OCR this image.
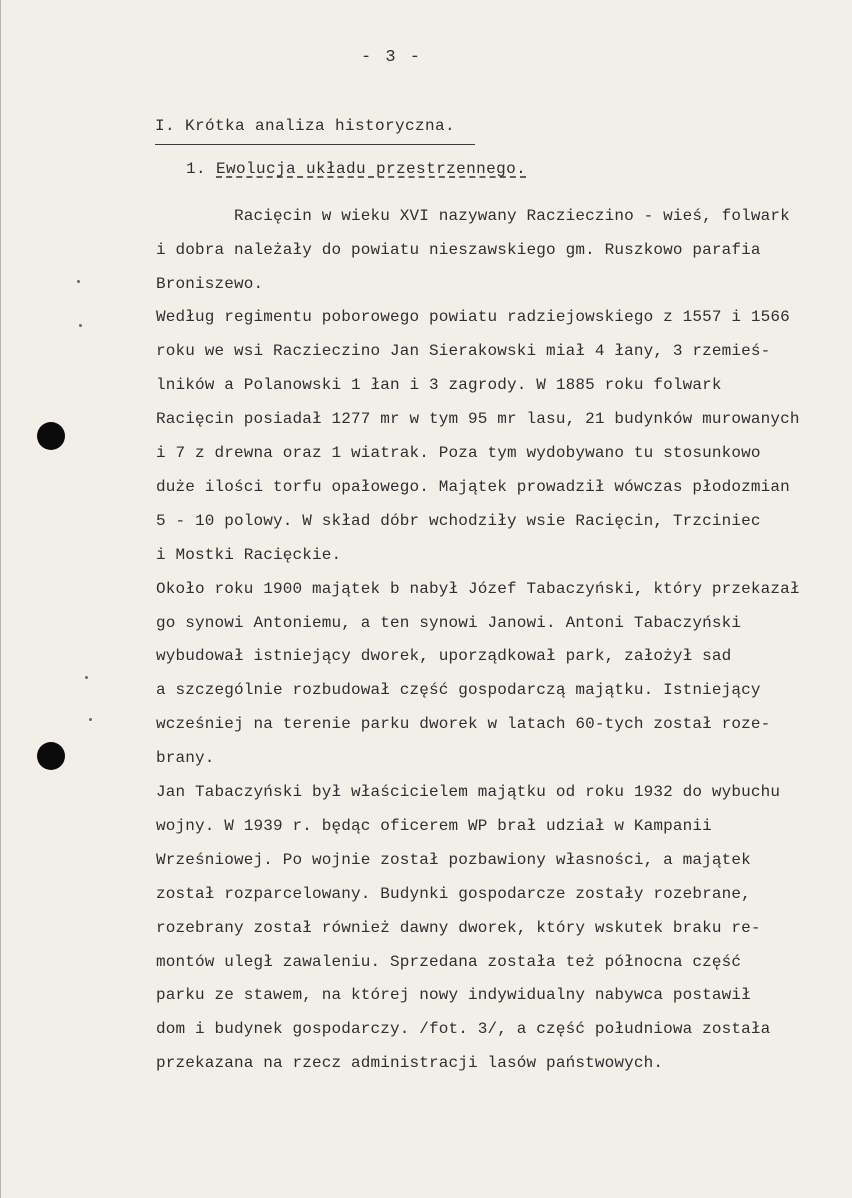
- 3 -
I. Krótka analiza historyczna.
1. Ewolucja układu przestrzennego.
Racięcin w wieku XVI nazywany Raczieczino - wieś, folwark
i dobra należały do powiatu nieszawskiego gm. Ruszkowo parafia
Broniszewo.
Według regimentu poborowego powiatu radziejowskiego z 1557 i 1566
roku we wsi Raczieczino Jan Sierakowski miał 4 łany, 3 rzemieś-
lników a Polanowski 1 łan i 3 zagrody. W 1885 roku folwark
Racięcin posiadał 1277 mr w tym 95 mr lasu, 21 budynków murowanych
i 7 z drewna oraz 1 wiatrak. Poza tym wydobywano tu stosunkowo
duże ilości torfu opałowego. Majątek prowadził wówczas płodozmian
5 - 10 polowy. W skład dóbr wchodziły wsie Racięcin, Trzciniec
i Mostki Racięckie.
Około roku 1900 majątek b nabył Józef Tabaczyński, który przekazał
go synowi Antoniemu, a ten synowi Janowi. Antoni Tabaczyński
wybudował istniejący dworek, uporządkował park, założył sad
a szczególnie rozbudował część gospodarczą majątku. Istniejący
wcześniej na terenie parku dworek w latach 60-tych został roze-
brany.
Jan Tabaczyński był właścicielem majątku od roku 1932 do wybuchu
wojny. W 1939 r. będąc oficerem WP brał udział w Kampanii
Wrześniowej. Po wojnie został pozbawiony własności, a majątek
został rozparcelowany. Budynki gospodarcze zostały rozebrane,
rozebrany został również dawny dworek, który wskutek braku re-
montów uległ zawaleniu. Sprzedana została też północna część
parku ze stawem, na której nowy indywidualny nabywca postawił
dom i budynek gospodarczy. /fot. 3/, a część południowa została
przekazana na rzecz administracji lasów państwowych.
